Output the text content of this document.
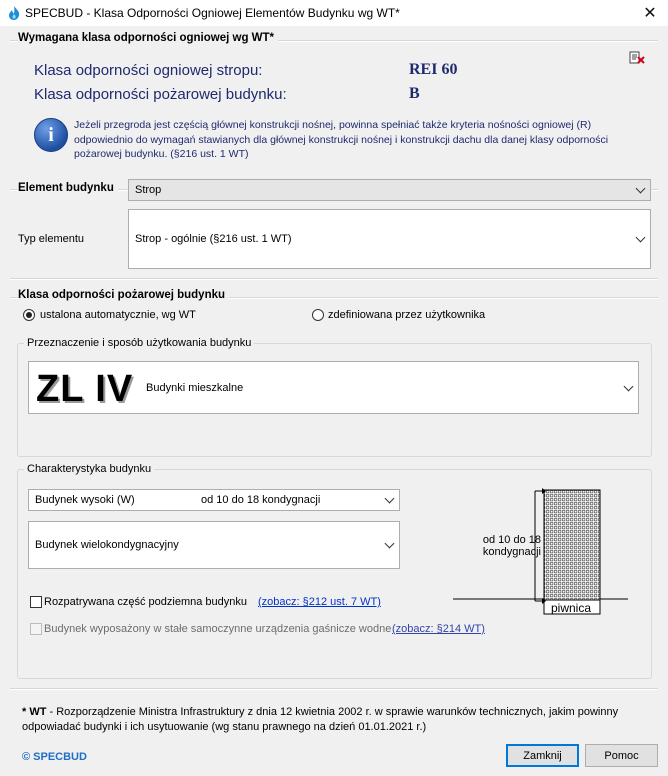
SPECBUD - Klasa Odporności Ogniowej Elementów Budynku wg WT*	✕
Wymagana klasa odporności ogniowej wg WT*
Klasa odporności ogniowej stropu:	REI 60
Klasa odporności pożarowej budynku:	B
i Jeżeli przegroda jest częścią głównej konstrukcji nośnej, powinna spełniać także kryteria nośności ogniowej (R) odpowiednio do wymagań stawianych dla głównej konstrukcji nośnej i konstrukcji dachu dla danej klasy odporności pożarowej budynku. (§216 ust. 1 WT)
Element budynku	Strop
Typ elementu	Strop - ogólnie (§216 ust. 1 WT)
Klasa odporności pożarowej budynku
ustalona automatycznie, wg WT	zdefiniowana przez użytkownika
Przeznaczenie i sposób użytkowania budynku
ZL IV Budynki mieszkalne
Charakterystyka budynku
Budynek wysoki (W)	od 10 do 18 kondygnacji
Budynek wielokondygnacyjny
Rozpatrywana część podziemna budynku (zobacz: §212 ust. 7 WT)
Budynek wyposażony w stałe samoczynne urządzenia gaśnicze wodne (zobacz: §214 WT)
od 10 do 18
kondygnacji
piwnica
* WT - Rozporządzenie Ministra Infrastruktury z dnia 12 kwietnia 2002 r. w sprawie warunków technicznych, jakim powinny odpowiadać budynki i ich usytuowanie (wg stanu prawnego na dzień 01.01.2021 r.)
© SPECBUD	Zamknij	Pomoc
